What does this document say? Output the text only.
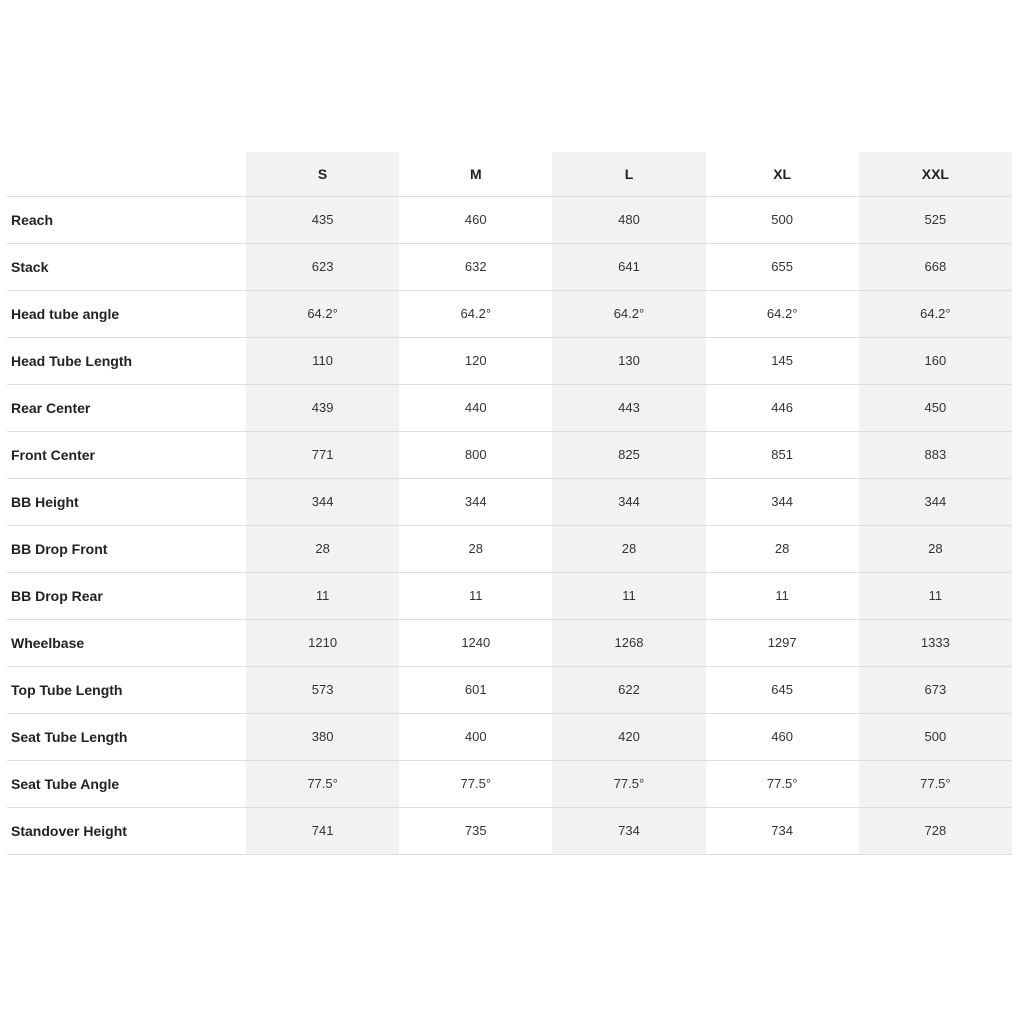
	S	M	L	XL	XXL
Reach	435	460	480	500	525
Stack	623	632	641	655	668
Head tube angle	64.2°	64.2°	64.2°	64.2°	64.2°
Head Tube Length	110	120	130	145	160
Rear Center	439	440	443	446	450
Front Center	771	800	825	851	883
BB Height	344	344	344	344	344
BB Drop Front	28	28	28	28	28
BB Drop Rear	11	11	11	11	11
Wheelbase	1210	1240	1268	1297	1333
Top Tube Length	573	601	622	645	673
Seat Tube Length	380	400	420	460	500
Seat Tube Angle	77.5°	77.5°	77.5°	77.5°	77.5°
Standover Height	741	735	734	734	728
